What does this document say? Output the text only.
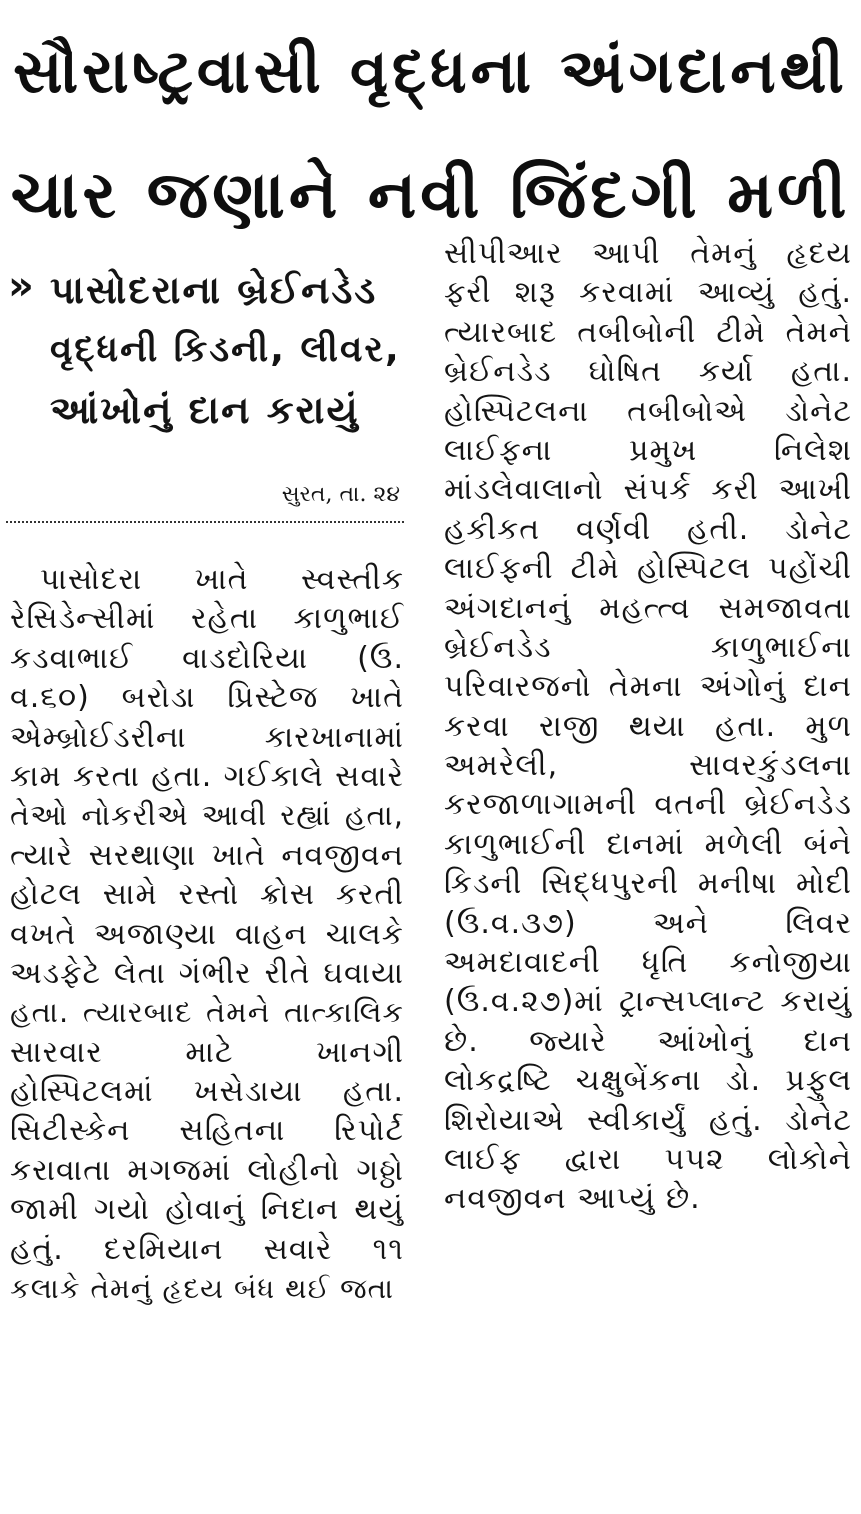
સૌરાષ્ટ્રવાસી વૃદ્ધના અંગદાનથી
ચાર જણાને નવી જિંદગી મળી
» પાસોદરાના બ્રેઈનડેડ
વૃદ્ધની કિડની, લીવર,
આંખોનું દાન કરાયું
સુરત, તા. ૨૪
પાસોદરા ખાતે સ્વસ્તીક
રેસિડેન્સીમાં રહેતા કાળુભાઈ
કડવાભાઈ વાડદોરિયા (ઉં.
વ.૬૦) બરોડા પ્રિસ્ટેજ ખાતે
એમ્બ્રોઈડરીના કારખાનામાં
કામ કરતા હતા. ગઈકાલે સવારે
તેઓ નોકરીએ આવી રહ્યાં હતા,
ત્યારે સરથાણા ખાતે નવજીવન
હોટલ સામે રસ્તો ક્રોસ કરતી
વખતે અજાણ્યા વાહન ચાલકે
અડફેટે લેતા ગંભીર રીતે ઘવાયા
હતા. ત્યારબાદ તેમને તાત્કાલિક
સારવાર માટે ખાનગી
હોસ્પિટલમાં ખસેડાયા હતા.
સિટીસ્કેન સહિતના રિપોર્ટ
કરાવાતા મગજમાં લોહીનો ગઠ્ઠો
જામી ગયો હોવાનું નિદાન થયું
હતું. દરમિયાન સવારે ૧૧
કલાકે તેમનું હૃદય બંધ થઈ જતા
સીપીઆર આપી તેમનું હૃદય
ફરી શરૂ કરવામાં આવ્યું હતું.
ત્યારબાદ તબીબોની ટીમે તેમને
બ્રેઈનડેડ ઘોષિત કર્યા હતા.
હોસ્પિટલના તબીબોએ ડોનેટ
લાઈફના પ્રમુખ નિલેશ
માંડલેવાલાનો સંપર્ક કરી આખી
હકીકત વર્ણવી હતી. ડોનેટ
લાઈફની ટીમે હોસ્પિટલ પહોંચી
અંગદાનનું મહત્ત્વ સમજાવતા
બ્રેઈનડેડ કાળુભાઈના
પરિવારજનો તેમના અંગોનું દાન
કરવા રાજી થયા હતા. મુળ
અમરેલી, સાવરકુંડલના
કરજાળાગામની વતની બ્રેઈનડેડ
કાળુભાઈની દાનમાં મળેલી બંને
કિડની સિદ્ધપુરની મનીષા મોદી
(ઉં.વ.૩૭) અને લિવર
અમદાવાદની ધૃતિ કનોજીયા
(ઉં.વ.૨૭)માં ટ્રાન્સપ્લાન્ટ કરાયું
છે. જ્યારે આંખોનું દાન
લોકદ્રષ્ટિ ચક્ષુબેંકના ડો. પ્રફુલ
શિરોયાએ સ્વીકાર્યું હતું. ડોનેટ
લાઈફ દ્વારા ૫૫૨ લોકોને
નવજીવન આપ્યું છે.
